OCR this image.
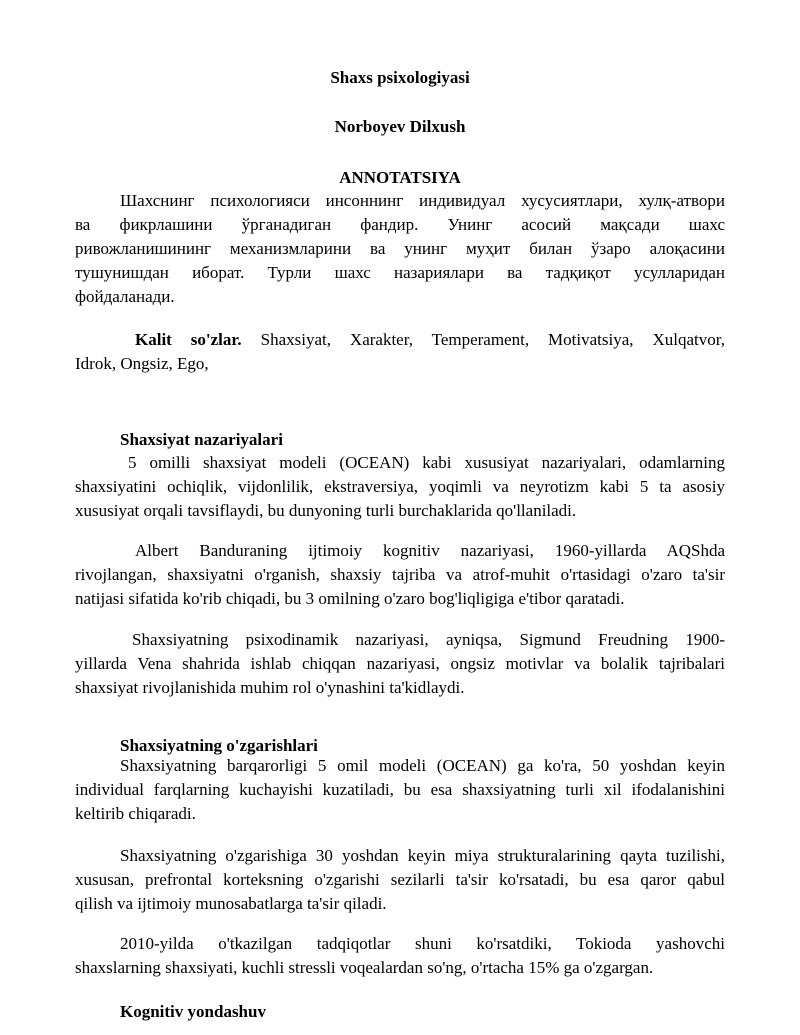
Shaxs psixologiyasi
Norboyev Dilxush
ANNOTATSIYA
Шахснинг психологияси инсоннинг индивидуал хусусиятлари, хулқ-атвори
ва фикрлашини ўрганадиган фандир. Унинг асосий мақсади шахс
ривожланишининг механизмларини ва унинг муҳит билан ўзаро алоқасини
тушунишдан иборат. Турли шахс назариялари ва тадқиқот усулларидан
фойдаланади.
Kalit so'zlar. Shaxsiyat, Xarakter, Temperament, Motivatsiya, Xulqatvor,
Idrok, Ongsiz, Ego,
Shaxsiyat nazariyalari
5 omilli shaxsiyat modeli (OCEAN) kabi xususiyat nazariyalari, odamlarning
shaxsiyatini ochiqlik, vijdonlilik, ekstraversiya, yoqimli va neyrotizm kabi 5 ta asosiy
xususiyat orqali tavsiflaydi, bu dunyoning turli burchaklarida qo'llaniladi.
Albert Banduraning ijtimoiy kognitiv nazariyasi, 1960-yillarda AQShda
rivojlangan, shaxsiyatni o'rganish, shaxsiy tajriba va atrof-muhit o'rtasidagi o'zaro ta'sir
natijasi sifatida ko'rib chiqadi, bu 3 omilning o'zaro bog'liqligiga e'tibor qaratadi.
Shaxsiyatning psixodinamik nazariyasi, ayniqsa, Sigmund Freudning 1900-
yillarda Vena shahrida ishlab chiqqan nazariyasi, ongsiz motivlar va bolalik tajribalari
shaxsiyat rivojlanishida muhim rol o'ynashini ta'kidlaydi.
Shaxsiyatning o'zgarishlari
Shaxsiyatning barqarorligi 5 omil modeli (OCEAN) ga ko'ra, 50 yoshdan keyin
individual farqlarning kuchayishi kuzatiladi, bu esa shaxsiyatning turli xil ifodalanishini
keltirib chiqaradi.
Shaxsiyatning o'zgarishiga 30 yoshdan keyin miya strukturalarining qayta tuzilishi,
xususan, prefrontal korteksning o'zgarishi sezilarli ta'sir ko'rsatadi, bu esa qaror qabul
qilish va ijtimoiy munosabatlarga ta'sir qiladi.
2010-yilda o'tkazilgan tadqiqotlar shuni ko'rsatdiki, Tokioda yashovchi
shaxslarning shaxsiyati, kuchli stressli voqealardan so'ng, o'rtacha 15% ga o'zgargan.
Kognitiv yondashuv
